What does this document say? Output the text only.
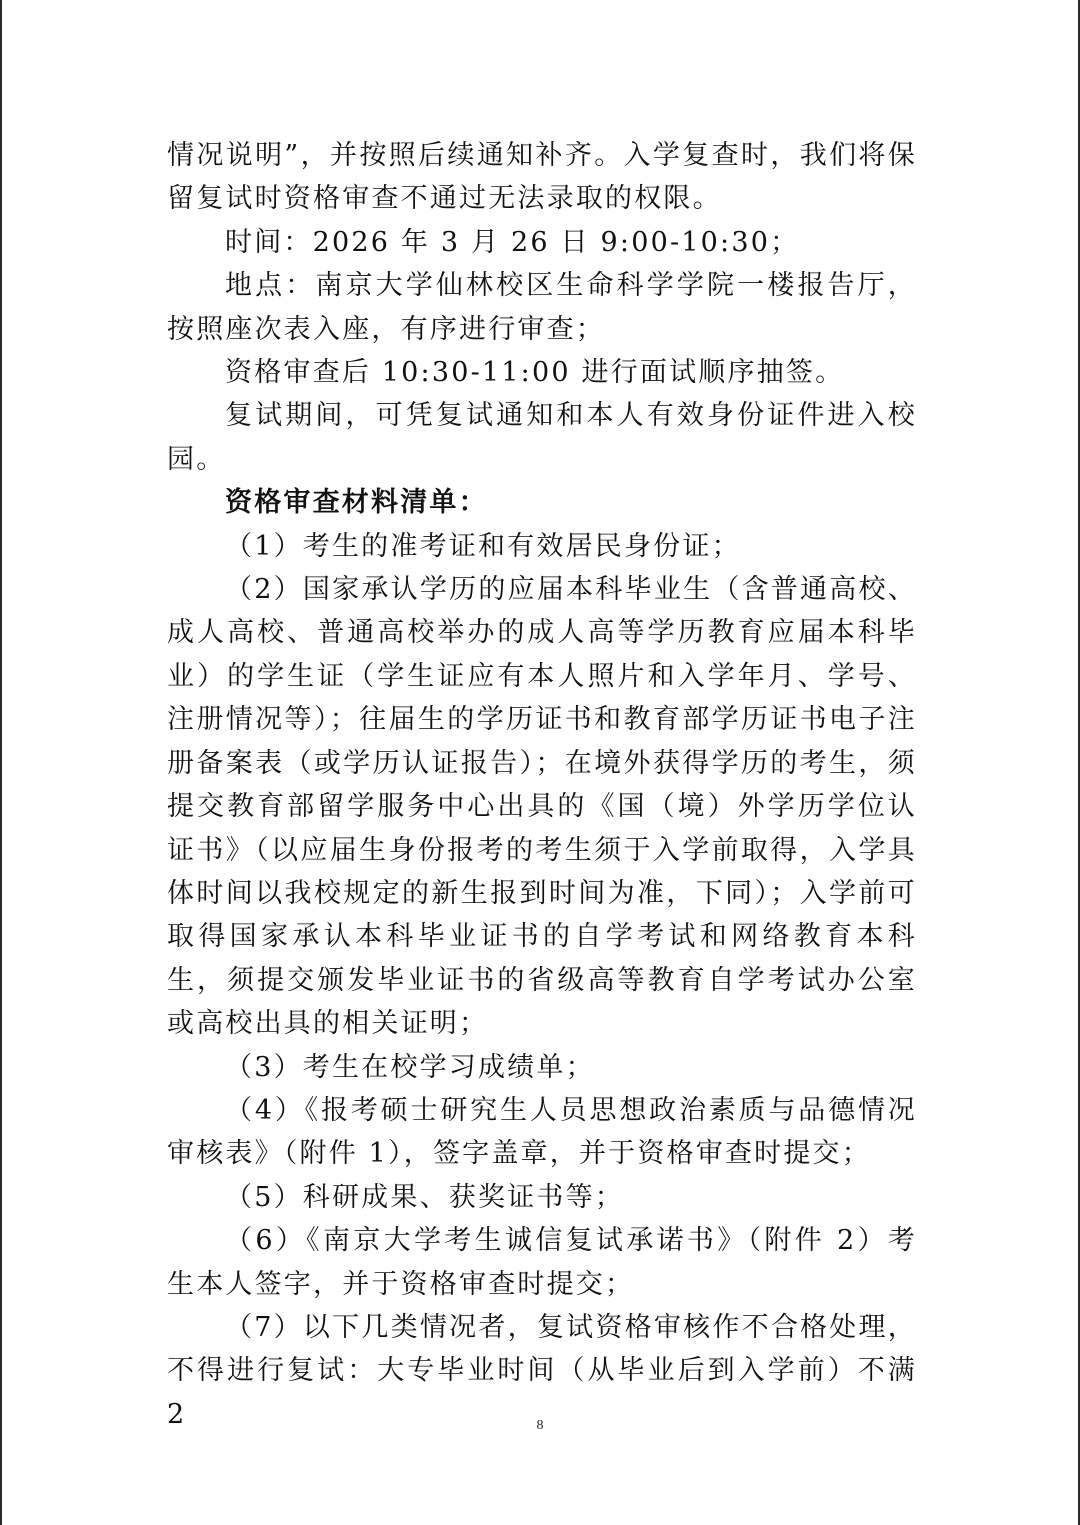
情况说明”，并按照后续通知补齐。入学复查时，我们将保留复试时资格审查不通过无法录取的权限。

时间：2026 年 3 月 26 日 9:00-10:30；

地点：南京大学仙林校区生命科学学院一楼报告厅，按照座次表入座，有序进行审查；

资格审查后 10:30-11:00 进行面试顺序抽签。

复试期间，可凭复试通知和本人有效身份证件进入校园。

资格审查材料清单：

（1）考生的准考证和有效居民身份证；

（2）国家承认学历的应届本科毕业生（含普通高校、成人高校、普通高校举办的成人高等学历教育应届本科毕业）的学生证（学生证应有本人照片和入学年月、学号、注册情况等）；往届生的学历证书和教育部学历证书电子注册备案表（或学历认证报告）；在境外获得学历的考生，须提交教育部留学服务中心出具的《国（境）外学历学位认证书》（以应届生身份报考的考生须于入学前取得，入学具体时间以我校规定的新生报到时间为准，下同）；入学前可取得国家承认本科毕业证书的自学考试和网络教育本科生，须提交颁发毕业证书的省级高等教育自学考试办公室或高校出具的相关证明；

（3）考生在校学习成绩单；

（4）《报考硕士研究生人员思想政治素质与品德情况审核表》（附件 1），签字盖章，并于资格审查时提交；

（5）科研成果、获奖证书等；

（6）《南京大学考生诚信复试承诺书》（附件 2）考生本人签字，并于资格审查时提交；

（7）以下几类情况者，复试资格审核作不合格处理，不得进行复试：大专毕业时间（从毕业后到入学前）不满 2	8
